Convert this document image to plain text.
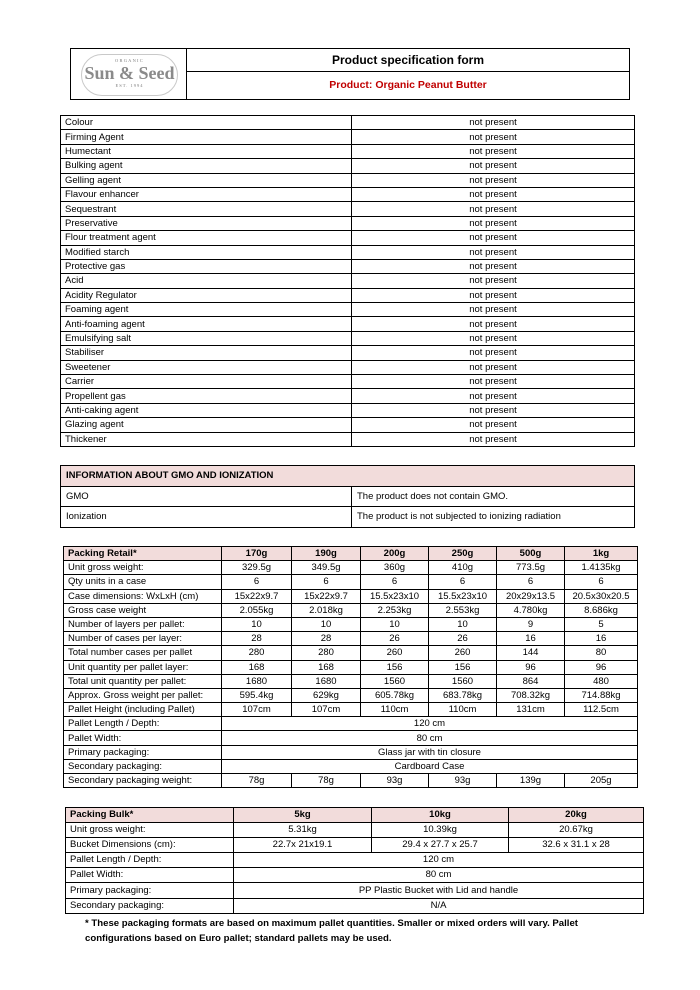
ORGANIC
Sun & Seed
EST. 1994
Product specification form
Product: Organic Peanut Butter
Colour	not present
Firming Agent	not present
Humectant	not present
Bulking agent	not present
Gelling agent	not present
Flavour enhancer	not present
Sequestrant	not present
Preservative	not present
Flour treatment agent	not present
Modified starch	not present
Protective gas	not present
Acid	not present
Acidity Regulator	not present
Foaming agent	not present
Anti-foaming agent	not present
Emulsifying salt	not present
Stabiliser	not present
Sweetener	not present
Carrier	not present
Propellent gas	not present
Anti-caking agent	not present
Glazing agent	not present
Thickener	not present
INFORMATION ABOUT GMO AND IONIZATION	
GMO	The product does not contain GMO.
Ionization	The product is not subjected to ionizing radiation
Packing Retail*	170g	190g	200g	250g	500g	1kg
Unit gross weight:	329.5g	349.5g	360g	410g	773.5g	1.4135kg
Qty units in a case	6	6	6	6	6	6
Case dimensions: WxLxH (cm)	15x22x9.7	15x22x9.7	15.5x23x10	15.5x23x10	20x29x13.5	20.5x30x20.5
Gross case weight	2.055kg	2.018kg	2.253kg	2.553kg	4.780kg	8.686kg
Number of layers per pallet:	10	10	10	10	9	5
Number of cases per layer:	28	28	26	26	16	16
Total number cases per pallet	280	280	260	260	144	80
Unit quantity per pallet layer:	168	168	156	156	96	96
Total unit quantity per pallet:	1680	1680	1560	1560	864	480
Approx. Gross weight per pallet:	595.4kg	629kg	605.78kg	683.78kg	708.32kg	714.88kg
Pallet Height (including Pallet)	107cm	107cm	110cm	110cm	131cm	112.5cm
Pallet Length / Depth:	120 cm					
Pallet Width:	80 cm					
Primary packaging:	Glass jar with tin closure					
Secondary packaging:	Cardboard Case					
Secondary packaging weight:	78g	78g	93g	93g	139g	205g
Packing Bulk*	5kg	10kg	20kg
Unit gross weight:	5.31kg	10.39kg	20.67kg
Bucket Dimensions (cm):	22.7x 21x19.1	29.4 x 27.7 x 25.7	32.6 x 31.1 x 28
Pallet Length / Depth:	120 cm		
Pallet Width:	80 cm		
Primary packaging:	PP Plastic Bucket with Lid and handle		
Secondary packaging:	N/A		
* These packaging formats are based on maximum pallet quantities. Smaller or mixed orders will vary. Pallet configurations based on Euro pallet; standard pallets may be used.
